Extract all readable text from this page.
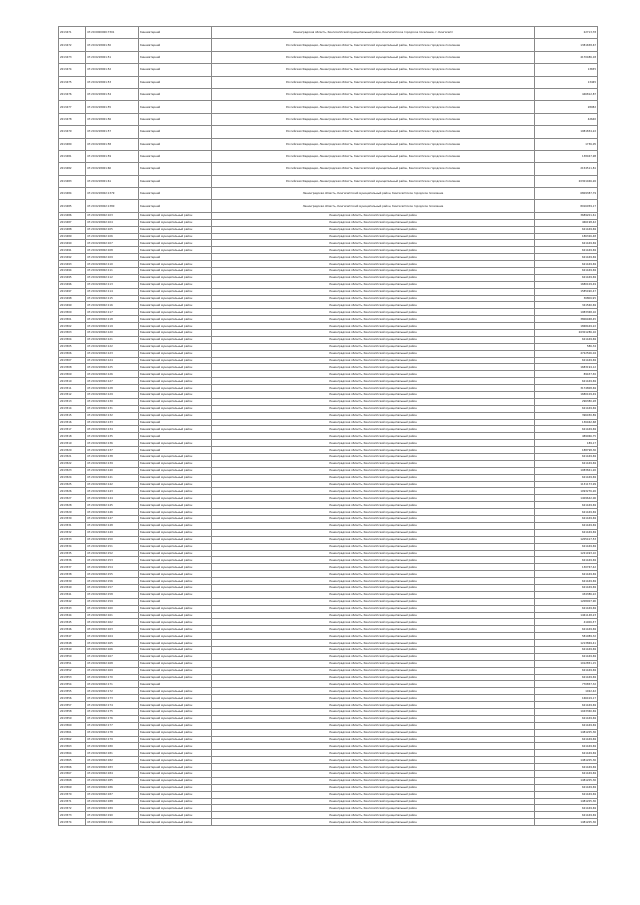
2013471	47:20:0000000:7301	Кинематерний	Ленинградская область, Кингисеппский муниципальный район, Кингисеппское городское поселение, г. Кингисепп	22713,78
2013472	47:20:0218001:50	Кинематерний	Российская Федерация, Ленинградская область, Кингисеппский муниципальный район, Кингисеппское городское поселение	1381658,67
2013473	47:20:0218001:51	Кинематерний	Российская Федерация, Ленинградская область, Кингисеппский муниципальный район, Кингисеппское городское поселение	4170486,18
2013474	47:20:0218001:52	Кинематерний	Российская Федерация, Ленинградская область, Кингисеппский муниципальный район, Кингисеппское городское поселение	13655
2013475	47:20:0218001:53	Кинематерний	Российская Федерация, Ленинградская область, Кингисеппский муниципальный район, Кингисеппское городское поселение	13465
2013476	47:20:0218001:54	Кинематерний	Российская Федерация, Ленинградская область, Кингисеппский муниципальный район, Кингисеппское городское поселение	446812,87
2013477	47:20:0218001:55	Кинематерний	Российская Федерация, Ленинградская область, Кингисеппский муниципальный район, Кингисеппское городское поселение	28082
2013478	47:20:0218001:56	Кинематерний	Российская Федерация, Ленинградская область, Кингисеппский муниципальный район, Кингисеппское городское поселение	42640
2013479	47:20:0218001:57	Кинематерний	Российская Федерация, Ленинградская область, Кингисеппский муниципальный район, Кингисеппское городское поселение	1981834,22
2013480	47:20:0218001:58	Кинематерний	Российская Федерация, Ленинградская область, Кингисеппский муниципальный район, Кингисеппское городское поселение	1736,05
2013481	47:20:0218001:59	Кинематерний	Российская Федерация, Ленинградская область, Кингисеппский муниципальный район, Кингисеппское городское поселение	138047,98
2013482	47:20:0218001:60	Кинематерний	Российская Федерация, Ленинградская область, Кингисеппский муниципальный район, Кингисеппское городское поселение	2154511,81
2013483	47:20:0218001:61	Кинематерний	Российская Федерация, Ленинградская область, Кингисеппский муниципальный район, Кингисеппское городское поселение	20301046,26
2013484	47:20:0218002:1379	Кинематерний	Ленинградская область, Кингисеппский муниципальный район, Кингисеппское городское поселение	6809387,79
2013485	47:20:0218002:1380	Кинематерний	Ленинградская область, Кингисеппский муниципальный район, Кингисеппское городское поселение	8916059,17
2013486	47:20:0218002:103	Кинематерний муниципальный район	Ленинградская область, Кингисеппский муниципальный район	3689201,61
2013487	47:20:0218002:104	Кинематерний муниципальный район	Ленинградская область, Кингисеппский муниципальный район	466198,42
2013488	47:20:0218002:105	Кинематерний муниципальный район	Ленинградская область, Кингисеппский муниципальный район	621449,69
2013489	47:20:0218002:106	Кинематерний муниципальный район	Ленинградская область, Кингисеппский муниципальный район	186326,48
2013490	47:20:0218002:107	Кинематерний муниципальный район	Ленинградская область, Кингисеппский муниципальный район	621449,69
2013491	47:20:0218002:108	Кинематерний муниципальный район	Ленинградская область, Кингисеппский муниципальный район	621449,69
2013492	47:20:0218002:109	Кинематерний	Ленинградская область, Кингисеппский муниципальный район	621449,69
2013493	47:20:0218002:110	Кинематерний муниципальный район	Ленинградская область, Кингисеппский муниципальный район	621449,69
2013494	47:20:0218002:111	Кинематерний муниципальный район	Ленинградская область, Кингисеппский муниципальный район	621449,69
2013495	47:20:0218002:112	Кинематерний муниципальный район	Ленинградская область, Кингисеппский муниципальный район	621449,69
2013496	47:20:0218002:113	Кинематерний муниципальный район	Ленинградская область, Кингисеппский муниципальный район	1680109,49
2013497	47:20:0218002:114	Кинематерний муниципальный район	Ленинградская область, Кингисеппский муниципальный район	1585490,47
2013498	47:20:0218002:115	Кинематерний муниципальный район	Ленинградская область, Кингисеппский муниципальный район	36806,95
2013499	47:20:0218002:116	Кинематерний муниципальный район	Ленинградская область, Кингисеппский муниципальный район	341560,69
2013500	47:20:0218002:117	Кинематерний муниципальный район	Ленинградская область, Кингисеппский муниципальный район	1983368,16
2013501	47:20:0218002:118	Кинематерний муниципальный район	Ленинградская область, Кингисеппский муниципальный район	3806468,45
2013502	47:20:0218002:119	Кинематерний муниципальный район	Ленинградская область, Кингисеппский муниципальный район	1868449,22
2013503	47:20:0218002:120	Кинематерний муниципальный район	Ленинградская область, Кингисеппский муниципальный район	26301286,16
2013504	47:20:0218002:121	Кинематерний муниципальный район	Ленинградская область, Кингисеппский муниципальный район	621449,69
2013505	47:20:0218002:122	Кинематерний муниципальный район	Ленинградская область, Кингисеппский муниципальный район	586,34
2013506	47:20:0218002:123	Кинематерний муниципальный район	Ленинградская область, Кингисеппский муниципальный район	4722506,04
2013507	47:20:0218002:124	Кинематерний муниципальный район	Ленинградская область, Кингисеппский муниципальный район	621449,69
2013508	47:20:0218002:125	Кинематерний муниципальный район	Ленинградская область, Кингисеппский муниципальный район	1683194,12
2013509	47:20:0218002:126	Кинематерний муниципальный район	Ленинградская область, Кингисеппский муниципальный район	89437,36
2013510	47:20:0218002:127	Кинематерний муниципальный район	Ленинградская область, Кингисеппский муниципальный район	621449,69
2013511	47:20:0218002:128	Кинематерний муниципальный район	Ленинградская область, Кингисеппский муниципальный район	3174808,69
2013512	47:20:0218002:129	Кинематерний муниципальный район	Ленинградская область, Кингисеппский муниципальный район	1680109,49
2013513	47:20:0218002:130	Кинематерний муниципальный район	Ленинградская область, Кингисеппский муниципальный район	296380,28
2013514	47:20:0218002:131	Кинематерний муниципальный район	Ленинградская область, Кингисеппский муниципальный район	621449,69
2013515	47:20:0218002:132	Кинематерний муниципальный район	Ленинградская область, Кингисеппский муниципальный район	396030,89
2013516	47:20:0218002:133	Кинематерний	Ленинградская область, Кингисеппский муниципальный район	136462,68
2013517	47:20:0218002:134	Кинематерний муниципальный район	Ленинградская область, Кингисеппский муниципальный район	621449,69
2013518	47:20:0218002:135	Кинематерний	Ленинградская область, Кингисеппский муниципальный район	489066,75
2013519	47:20:0218002:136	Кинематерний муниципальный район	Ленинградская область, Кингисеппский муниципальный район	189,17
2013520	47:20:0218002:137	Кинематерний	Ленинградская область, Кингисеппский муниципальный район	188798,36
2013521	47:20:0218002:138	Кинематерний муниципальный район	Ленинградская область, Кингисеппский муниципальный район	621449,69
2013522	47:20:0218002:139	Кинематерний муниципальный район	Ленинградская область, Кингисеппский муниципальный район	621449,69
2013523	47:20:0218002:140	Кинематерний муниципальный район	Ленинградская область, Кингисеппский муниципальный район	1083841,26
2013524	47:20:0218002:141	Кинематерний муниципальный район	Ленинградская область, Кингисеппский муниципальный район	621449,69
2013525	47:20:0218002:142	Кинематерний муниципальный район	Ленинградская область, Кингисеппский муниципальный район	1131173,99
2013526	47:20:0218002:143	Кинематерний муниципальный район	Ленинградская область, Кингисеппский муниципальный район	1093276,26
2013527	47:20:0218002:144	Кинематерний муниципальный район	Ленинградская область, Кингисеппский муниципальный район	1409642,06
2013528	47:20:0218002:145	Кинематерний муниципальный район	Ленинградская область, Кингисеппский муниципальный район	621449,69
2013529	47:20:0218002:146	Кинематерний муниципальный район	Ленинградская область, Кингисеппский муниципальный район	621449,69
2013530	47:20:0218002:147	Кинематерний муниципальный район	Ленинградская область, Кингисеппский муниципальный район	621449,69
2013531	47:20:0218002:148	Кинематерний муниципальный район	Ленинградская область, Кингисеппский муниципальный район	621449,69
2013532	47:20:0218002:149	Кинематерний муниципальный район	Ленинградская область, Кингисеппский муниципальный район	621449,69
2013533	47:20:0218002:150	Кинематерний муниципальный район	Ленинградская область, Кингисеппский муниципальный район	1205417,53
2013534	47:20:0218002:151	Кинематерний муниципальный район	Ленинградская область, Кингисеппский муниципальный район	621449,69
2013535	47:20:0218002:152	Кинематерний муниципальный район	Ленинградская область, Кингисеппский муниципальный район	1221493,10
2013536	47:20:0218002:153	Кинематерний муниципальный район	Ленинградская область, Кингисеппский муниципальный район	621449,69
2013537	47:20:0218002:154	Кинематерний муниципальный район	Ленинградская область, Кингисеппский муниципальный район	130767,42
2013538	47:20:0218002:155	Кинематерний муниципальный район	Ленинградская область, Кингисеппский муниципальный район	621449,69
2013539	47:20:0218002:156	Кинематерний муниципальный район	Ленинградская область, Кингисеппский муниципальный район	621449,69
2013540	47:20:0218002:157	Кинематерний муниципальный район	Ленинградская область, Кингисеппский муниципальный район	621449,69
2013541	47:20:0218002:158	Кинематерний муниципальный район	Ленинградская область, Кингисеппский муниципальный район	434386,22
2013542	47:20:0218002:159	Кинематерний	Ленинградская область, Кингисеппский муниципальный район	1208007,90
2013543	47:20:0218002:160	Кинематерний муниципальный район	Ленинградская область, Кингисеппский муниципальный район	621449,69
2013544	47:20:0218002:161	Кинематерний муниципальный район	Ленинградская область, Кингисеппский муниципальный район	1461148,23
2013545	47:20:0218002:162	Кинематерний муниципальный район	Ленинградская область, Кингисеппский муниципальный район	41926,37
2013546	47:20:0218002:163	Кинематерний муниципальный район	Ленинградская область, Кингисеппский муниципальный район	621449,69
2013547	47:20:0218002:164	Кинематерний муниципальный район	Ленинградская область, Кингисеппский муниципальный район	581089,32
2013548	47:20:0218002:165	Кинематерний муниципальный район	Ленинградская область, Кингисеппский муниципальный район	1213869,41
2013549	47:20:0218002:166	Кинематерний муниципальный район	Ленинградская область, Кингисеппский муниципальный район	621449,69
2013550	47:20:0218002:167	Кинематерний муниципальный район	Ленинградская область, Кингисеппский муниципальный район	621449,69
2013551	47:20:0218002:168	Кинематерний муниципальный район	Ленинградская область, Кингисеппский муниципальный район	1012851,15
2013552	47:20:0218002:169	Кинематерний муниципальный район	Ленинградская область, Кингисеппский муниципальный район	621449,69
2013553	47:20:0218002:170	Кинематерний муниципальный район	Ленинградская область, Кингисеппский муниципальный район	621449,69
2013554	47:20:0218002:171	Кинематерний	Ленинградская область, Кингисеппский муниципальный район	770857,32
2013555	47:20:0218002:172	Кинематерний муниципальный район	Ленинградская область, Кингисеппский муниципальный район	1022,42
2013556	47:20:0218002:173	Кинематерний муниципальный район	Ленинградская область, Кингисеппский муниципальный район	166419,17
2013557	47:20:0218002:174	Кинематерний муниципальный район	Ленинградская область, Кингисеппский муниципальный район	621449,69
2013558	47:20:0218002:175	Кинематерний муниципальный район	Ленинградская область, Кингисеппский муниципальный район	1043360,69
2013559	47:20:0218002:176	Кинематерний муниципальный район	Ленинградская область, Кингисеппский муниципальный район	621449,69
2013560	47:20:0218002:177	Кинематерний муниципальный район	Ленинградская область, Кингисеппский муниципальный район	621449,69
2013561	47:20:0218002:178	Кинематерний муниципальный район	Ленинградская область, Кингисеппский муниципальный район	1481205,36
2013562	47:20:0218002:179	Кинематерний муниципальный район	Ленинградская область, Кингисеппский муниципальный район	621449,69
2013563	47:20:0218002:180	Кинематерний муниципальный район	Ленинградская область, Кингисеппский муниципальный район	621449,69
2013564	47:20:0218002:181	Кинематерний муниципальный район	Ленинградская область, Кингисеппский муниципальный район	621449,69
2013565	47:20:0218002:182	Кинематерний муниципальный район	Ленинградская область, Кингисеппский муниципальный район	1481205,36
2013566	47:20:0218002:183	Кинематерний муниципальный район	Ленинградская область, Кингисеппский муниципальный район	621449,69
2013567	47:20:0218002:184	Кинематерний муниципальный район	Ленинградская область, Кингисеппский муниципальный район	621449,69
2013568	47:20:0218002:185	Кинематерний муниципальный район	Ленинградская область, Кингисеппский муниципальный район	1481205,36
2013569	47:20:0218002:186	Кинематерний муниципальный район	Ленинградская область, Кингисеппский муниципальный район	621449,69
2013570	47:20:0218002:187	Кинематерний муниципальный район	Ленинградская область, Кингисеппский муниципальный район	621449,69
2013571	47:20:0218002:188	Кинематерний муниципальный район	Ленинградская область, Кингисеппский муниципальный район	1481205,36
2013572	47:20:0218002:189	Кинематерний муниципальный район	Ленинградская область, Кингисеппский муниципальный район	621449,69
2013573	47:20:0218002:190	Кинематерний муниципальный район	Ленинградская область, Кингисеппский муниципальный район	621449,69
2013574	47:20:0218002:191	Кинематерний муниципальный район	Ленинградская область, Кингисеппский муниципальный район	1481205,36
